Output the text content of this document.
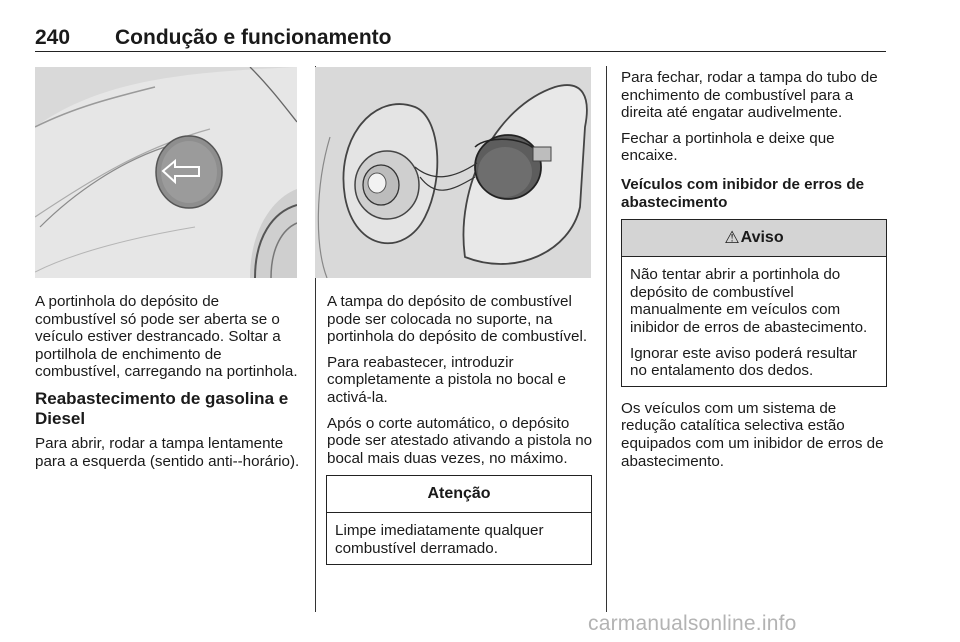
240 Condução e funcionamento

A portinhola do depósito de combustível só pode ser aberta se o veículo estiver destrancado. Soltar a portilhola de enchimento de combustível, carregando na portinhola.

Reabastecimento de gasolina e Diesel

Para abrir, rodar a tampa lentamente para a esquerda (sentido anti--horário).

A tampa do depósito de combustível pode ser colocada no suporte, na portinhola do depósito de combustível.

Para reabastecer, introduzir completamente a pistola no bocal e activá-la.

Após o corte automático, o depósito pode ser atestado ativando a pistola no bocal mais duas vezes, no máximo.

Atenção

Limpe imediatamente qualquer combustível derramado.

Para fechar, rodar a tampa do tubo de enchimento de combustível para a direita até engatar audivelmente.

Fechar a portinhola e deixe que encaixe.

Veículos com inibidor de erros de abastecimento
⚠Aviso

Não tentar abrir a portinhola do depósito de combustível manualmente em veículos com inibidor de erros de abastecimento.

Ignorar este aviso poderá resultar no entalamento dos dedos.

Os veículos com um sistema de redução catalítica selectiva estão equipados com um inibidor de erros de abastecimento.

carmanualsonline.info
